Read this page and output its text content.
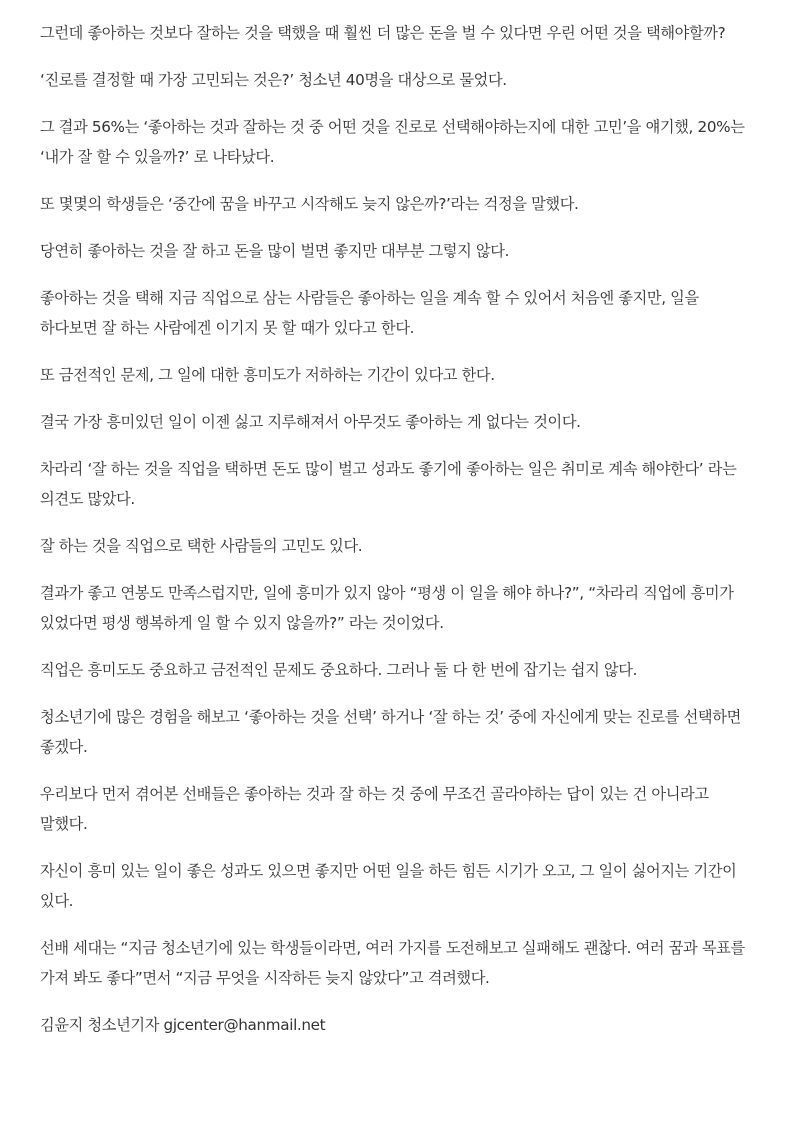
그런데 좋아하는 것보다 잘하는 것을 택했을 때 훨씬 더 많은 돈을 벌 수 있다면 우린 어떤 것을 택해야할까?

‘진로를 결정할 때 가장 고민되는 것은?’ 청소년 40명을 대상으로 물었다.

그 결과 56%는 ‘좋아하는 것과 잘하는 것 중 어떤 것을 진로로 선택해야하는지에 대한 고민’을 얘기했, 20%는 ‘내가 잘 할 수 있을까?’ 로 나타났다.

또 몇몇의 학생들은 ‘중간에 꿈을 바꾸고 시작해도 늦지 않은까?’라는 걱정을 말했다.

당연히 좋아하는 것을 잘 하고 돈을 많이 벌면 좋지만 대부분 그렇지 않다.

좋아하는 것을 택해 지금 직업으로 삼는 사람들은 좋아하는 일을 계속 할 수 있어서 처음엔 좋지만, 일을 하다보면 잘 하는 사람에겐 이기지 못 할 때가 있다고 한다.

또 금전적인 문제, 그 일에 대한 흥미도가 저하하는 기간이 있다고 한다.

결국 가장 흥미있던 일이 이젠 싫고 지루해져서 아무것도 좋아하는 게 없다는 것이다.

차라리 ‘잘 하는 것을 직업을 택하면 돈도 많이 벌고 성과도 좋기에 좋아하는 일은 취미로 계속 해야한다’ 라는 의견도 많았다.

잘 하는 것을 직업으로 택한 사람들의 고민도 있다.

결과가 좋고 연봉도 만족스럽지만, 일에 흥미가 있지 않아 “평생 이 일을 해야 하나?”, “차라리 직업에 흥미가 있었다면 평생 행복하게 일 할 수 있지 않을까?” 라는 것이었다.

직업은 흥미도도 중요하고 금전적인 문제도 중요하다. 그러나 둘 다 한 번에 잡기는 쉽지 않다.

청소년기에 많은 경험을 해보고 ‘좋아하는 것을 선택’ 하거나 ‘잘 하는 것’ 중에 자신에게 맞는 진로를 선택하면 좋겠다.

우리보다 먼저 겪어본 선배들은 좋아하는 것과 잘 하는 것 중에 무조건 골라야하는 답이 있는 건 아니라고 말했다.

자신이 흥미 있는 일이 좋은 성과도 있으면 좋지만 어떤 일을 하든 힘든 시기가 오고, 그 일이 싫어지는 기간이 있다.

선배 세대는 “지금 청소년기에 있는 학생들이라면, 여러 가지를 도전해보고 실패해도 괜찮다. 여러 꿈과 목표를 가져 봐도 좋다”면서 “지금 무엇을 시작하든 늦지 않았다”고 격려했다.

김윤지 청소년기자 gjcenter@hanmail.net
